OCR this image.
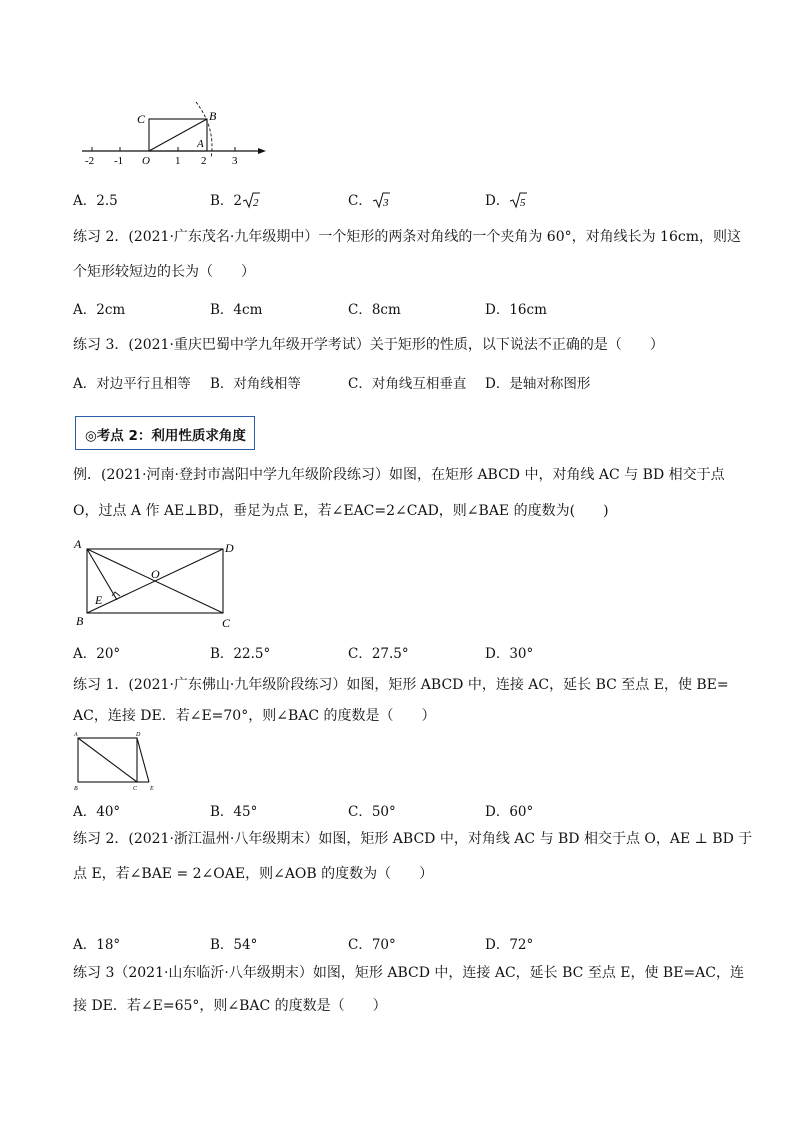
-2 -1 O 1 2 3
C	B
A
A．2.5	B．2 2	C． 3	D． 5
练习 2．(2021·广东茂名·九年级期中）一个矩形的两条对角线的一个夹角为 60°，对角线长为 16cm，则这
个矩形较短边的长为（　　）
A．2cm	B．4cm	C．8cm	D．16cm
练习 3．(2021·重庆巴蜀中学九年级开学考试）关于矩形的性质，以下说法不正确的是（　　）
A．对边平行且相等 B．对角线相等	C．对角线互相垂直 D．是轴对称图形
◎考点 2：利用性质求角度
例．(2021·河南·登封市嵩阳中学九年级阶段练习）如图，在矩形 ABCD 中，对角线 AC 与 BD 相交于点
O，过点 A 作 AE⊥BD，垂足为点 E，若∠EAC=2∠CAD，则∠BAE 的度数为(　　)
A	D
O
E
B	C
A．20°	B．22.5°	C．27.5°	D．30°
练习 1．(2021·广东佛山·九年级阶段练习）如图，矩形 ABCD 中，连接 AC，延长 BC 至点 E，使 BE=
AC，连接 DE．若∠E=70°，则∠BAC 的度数是（　　）
A	D
B	C E
A．40°	B．45°	C．50°	D．60°
练习 2．(2021·浙江温州·八年级期末）如图，矩形 ABCD 中，对角线 AC 与 BD 相交于点 O，AE ⊥ BD 于
点 E，若∠BAE = 2∠OAE，则∠AOB 的度数为（　　）
A．18°	B．54°	C．70°	D．72°
练习 3（2021·山东临沂·八年级期末）如图，矩形 ABCD 中，连接 AC，延长 BC 至点 E，使 BE=AC，连
接 DE．若∠E=65°，则∠BAC 的度数是（　　）
